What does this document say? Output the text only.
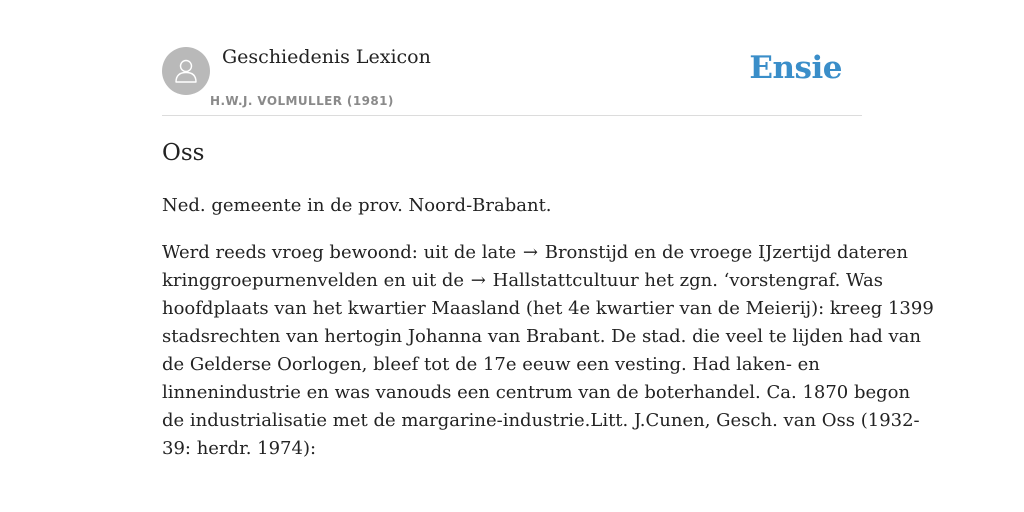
Geschiedenis Lexicon
H.W.J. VOLMULLER (1981)
Ensie
Oss

Ned. gemeente in de prov. Noord-Brabant.

Werd reeds vroeg bewoond: uit de late → Bronstijd en de vroege IJzertijd dateren
kringgroepurnenvelden en uit de → Hallstattcultuur het zgn. ‘vorstengraf. Was
hoofdplaats van het kwartier Maasland (het 4e kwartier van de Meierij): kreeg 1399
stadsrechten van hertogin Johanna van Brabant. De stad. die veel te lijden had van
de Gelderse Oorlogen, bleef tot de 17e eeuw een vesting. Had laken- en
linnenindustrie en was vanouds een centrum van de boterhandel. Ca. 1870 begon
de industrialisatie met de margarine-industrie.Litt. J.Cunen, Gesch. van Oss (1932-
39: herdr. 1974):
